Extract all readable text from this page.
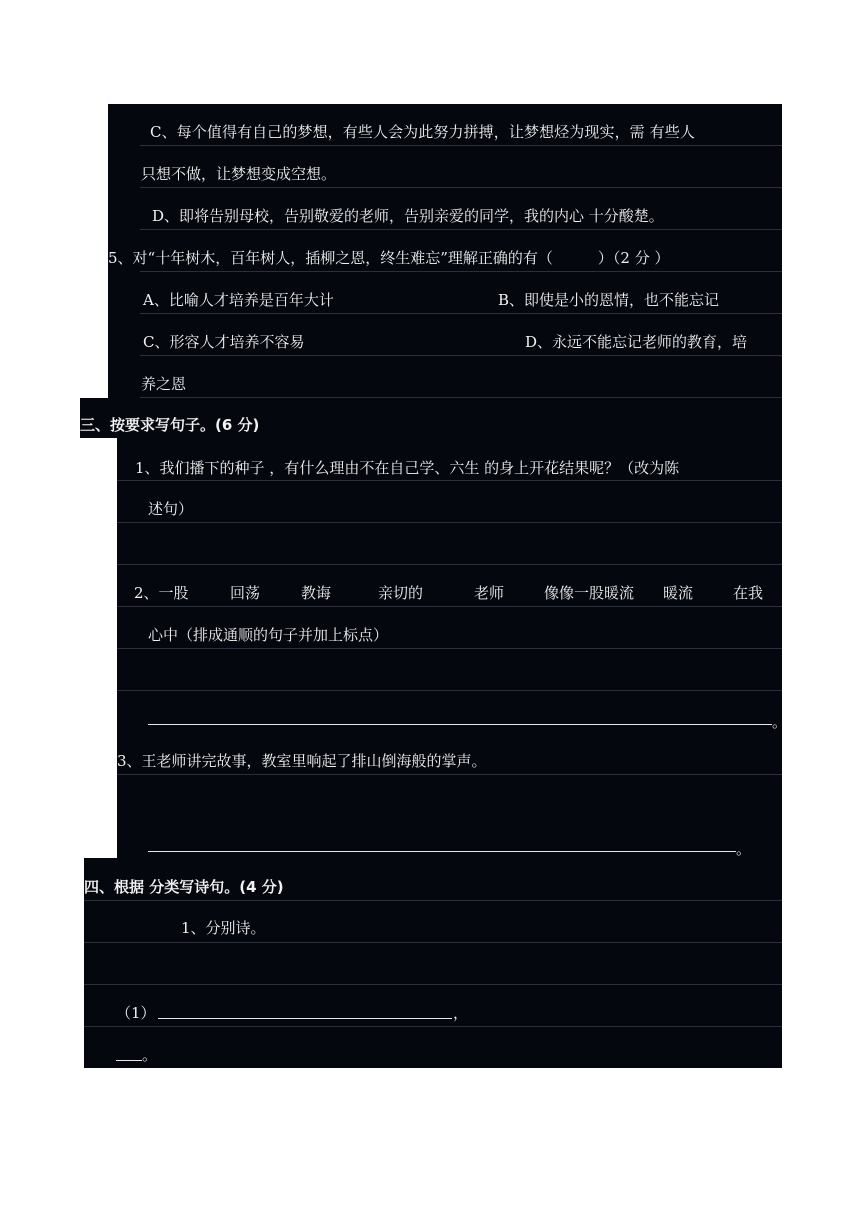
C、每个值得有自己的梦想，有些人会为此努力拼搏，让梦想烃为现实，需 有些人
只想不做，让梦想变成空想。
D、即将告别母校，告别敬爱的老师，告别亲爱的同学，我的内心 十分酸楚。
5、对“十年树木，百年树人，插柳之恩，终生难忘”理解正确的有（　　　）（2 分 ）
A、比喻人才培养是百年大计	B、即使是小的恩情，也不能忘记
C、形容人才培养不容易	D、永远不能忘记老师的教育，培
养之恩
三、按要求写句子。(6 分)
1、我们播下的种子 ，有什么理由不在自己学、六生 的身上开花结果呢？（改为陈
述句）
2、一股	回荡	教诲	亲切的	老师	像像一股暖流 暖流	在我
心中（排成通顺的句子并加上标点）
。
3、王老师讲完故事，教室里响起了排山倒海般的掌声。
。
四、根据 分类写诗句。(4 分)
1、分别诗。
（1）	，
。
